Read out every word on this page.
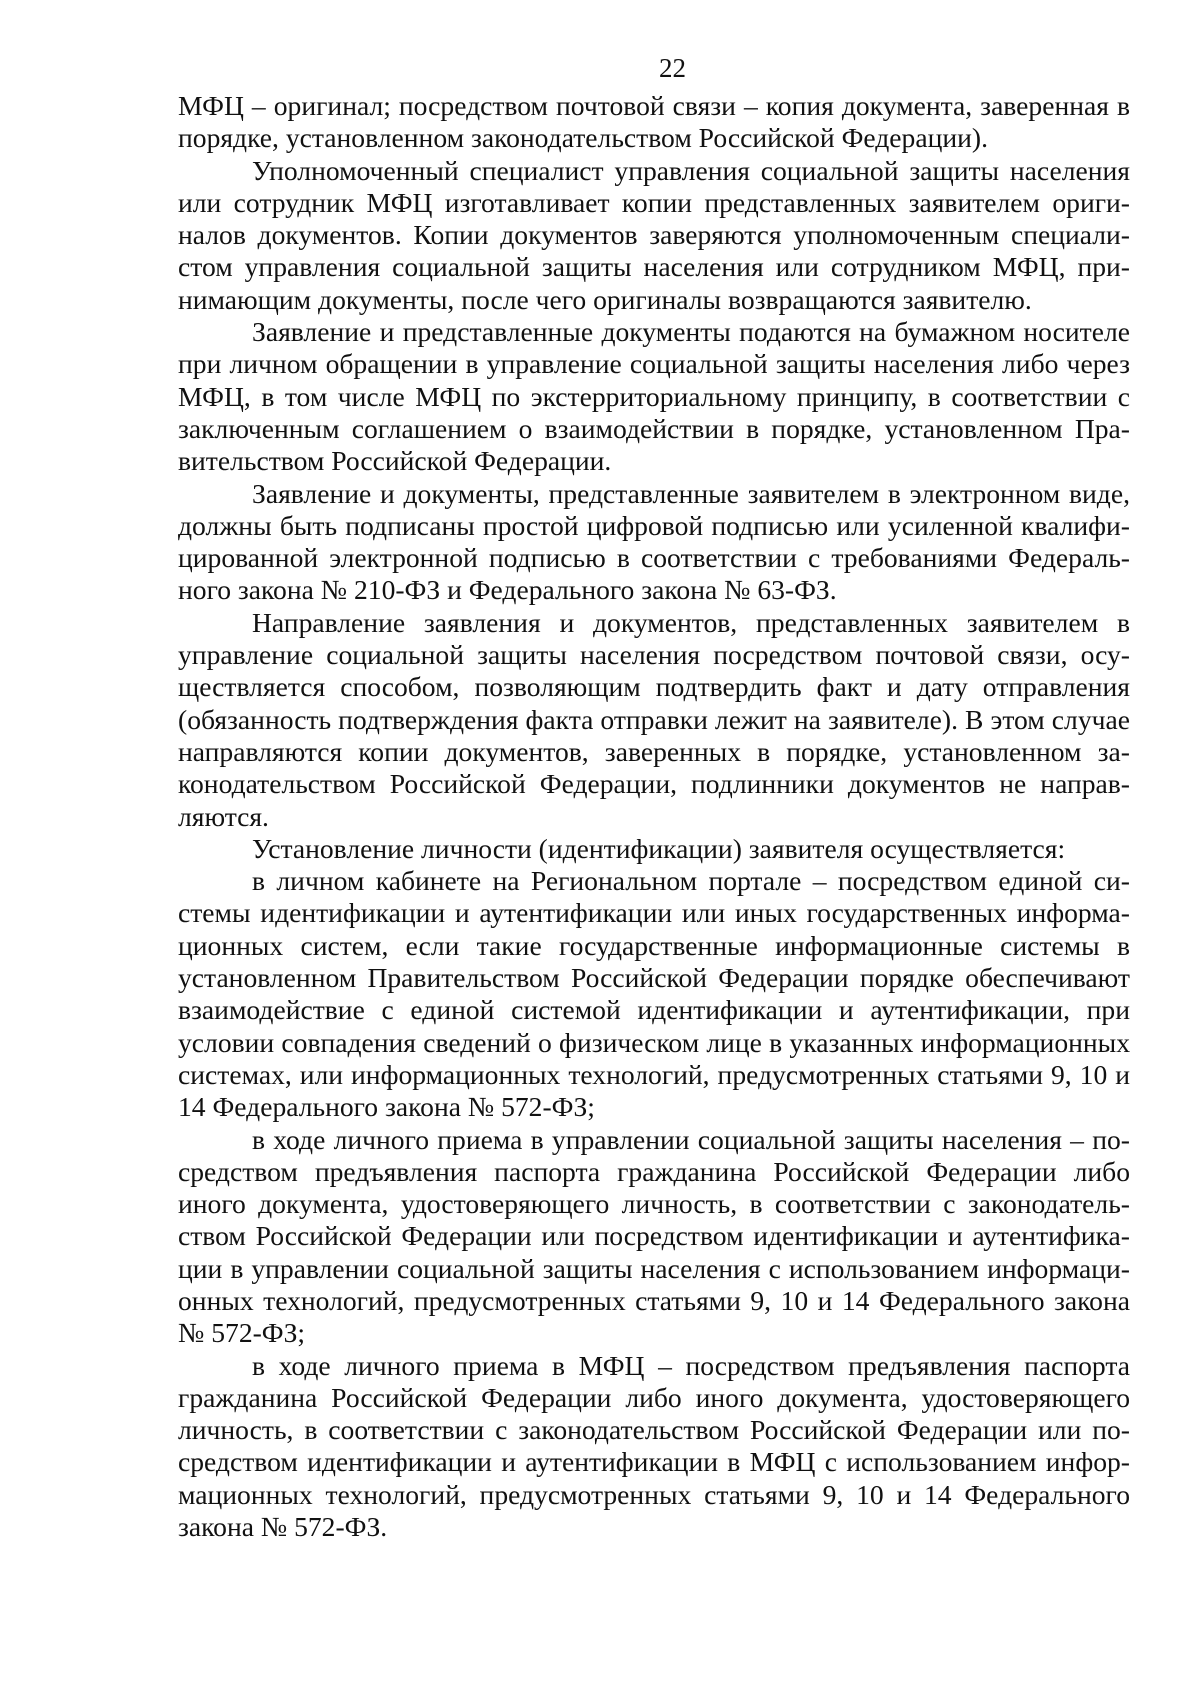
22

МФЦ – оригинал; посредством почтовой связи – копия документа, заверенная в порядке, установленном законодательством Российской Федерации).

Уполномоченный специалист управления социальной защиты населения или сотрудник МФЦ изготавливает копии представленных заявителем оригиналов документов. Копии документов заверяются уполномоченным специалистом управления социальной защиты населения или сотрудником МФЦ, принимающим документы, после чего оригиналы возвращаются заявителю.

Заявление и представленные документы подаются на бумажном носителе при личном обращении в управление социальной защиты населения либо через МФЦ, в том числе МФЦ по экстерриториальному принципу, в соответствии с заключенным соглашением о взаимодействии в порядке, установленном Правительством Российской Федерации.

Заявление и документы, представленные заявителем в электронном виде, должны быть подписаны простой цифровой подписью или усиленной квалифицированной электронной подписью в соответствии с требованиями Федерального закона № 210-ФЗ и Федерального закона № 63-ФЗ.

Направление заявления и документов, представленных заявителем в управление социальной защиты населения посредством почтовой связи, осуществляется способом, позволяющим подтвердить факт и дату отправления (обязанность подтверждения факта отправки лежит на заявителе). В этом случае направляются копии документов, заверенных в порядке, установленном законодательством Российской Федерации, подлинники документов не направляются.

Установление личности (идентификации) заявителя осуществляется:

в личном кабинете на Региональном портале – посредством единой системы идентификации и аутентификации или иных государственных информационных систем, если такие государственные информационные системы в установленном Правительством Российской Федерации порядке обеспечивают взаимодействие с единой системой идентификации и аутентификации, при условии совпадения сведений о физическом лице в указанных информационных системах, или информационных технологий, предусмотренных статьями 9, 10 и 14 Федерального закона № 572-ФЗ;

в ходе личного приема в управлении социальной защиты населения – посредством предъявления паспорта гражданина Российской Федерации либо иного документа, удостоверяющего личность, в соответствии с законодательством Российской Федерации или посредством идентификации и аутентификации в управлении социальной защиты населения с использованием информационных технологий, предусмотренных статьями 9, 10 и 14 Федерального закона № 572-ФЗ;

в ходе личного приема в МФЦ – посредством предъявления паспорта гражданина Российской Федерации либо иного документа, удостоверяющего личность, в соответствии с законодательством Российской Федерации или посредством идентификации и аутентификации в МФЦ с использованием информационных технологий, предусмотренных статьями 9, 10 и 14 Федерального закона № 572-ФЗ.
